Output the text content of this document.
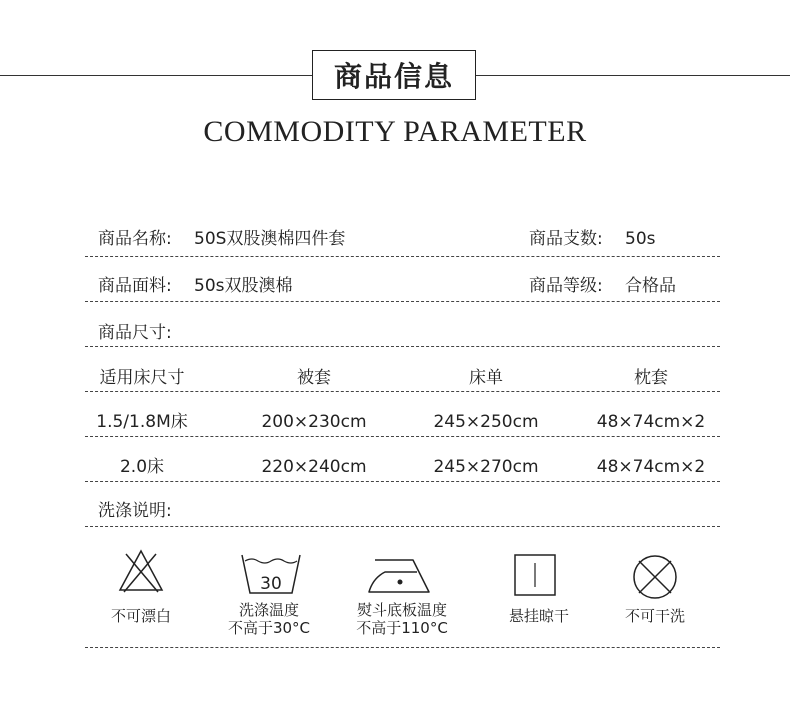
商品信息
COMMODITY PARAMETER
商品名称: 50S双股澳棉四件套	商品支数: 50s
商品面料: 50s双股澳棉	商品等级: 合格品
商品尺寸:
适用床尺寸	被套	床单	枕套
1.5/1.8M床	200×230cm	245×250cm	48×74cm×2
2.0床	220×240cm	245×270cm	48×74cm×2
洗涤说明:
不可漂白
30
洗涤温度
不高于30°C
熨斗底板温度
不高于110°C
悬挂晾干	不可干洗
